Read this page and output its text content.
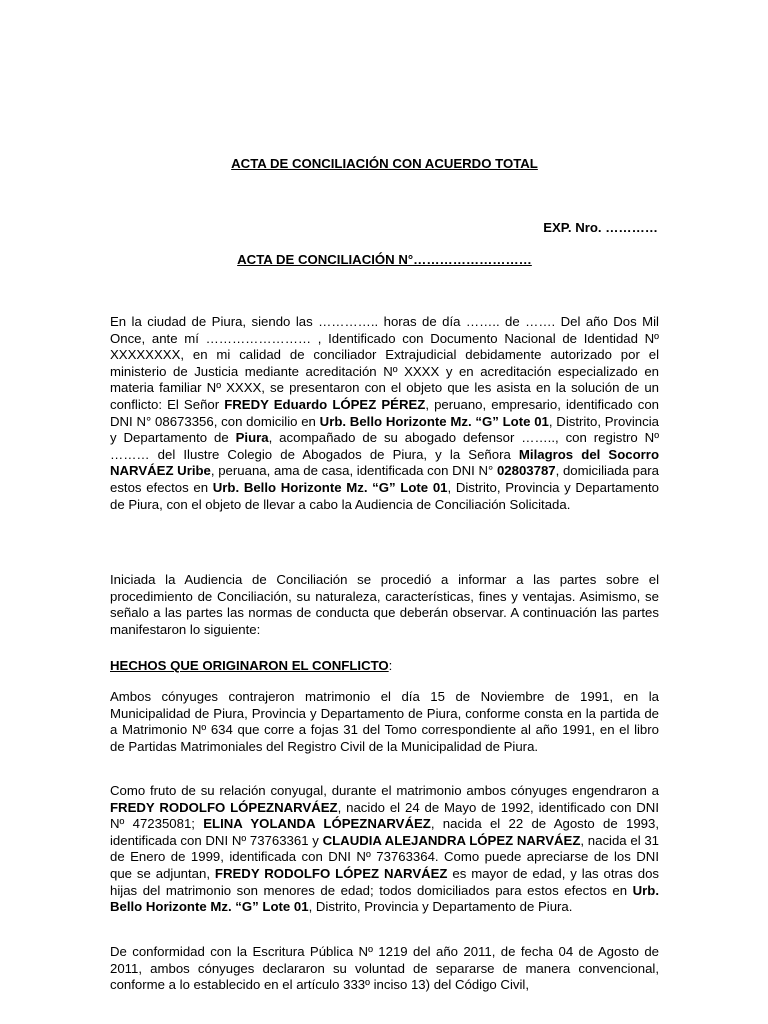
ACTA DE CONCILIACIÓN CON ACUERDO TOTAL
EXP. Nro. …………
ACTA DE CONCILIACIÓN N°………………………

En la ciudad de Piura, siendo las ………….. horas de día …….. de ……. Del año Dos Mil Once, ante mí …………………… , Identificado con Documento Nacional de Identidad Nº XXXXXXXX, en mi calidad de conciliador Extrajudicial debidamente autorizado por el ministerio de Justicia mediante acreditación Nº XXXX y en acreditación especializado en materia familiar Nº XXXX, se presentaron con el objeto que les asista en la solución de un conflicto: El Señor FREDY Eduardo LÓPEZ PÉREZ, peruano, empresario, identificado con DNI N° 08673356, con domicilio en Urb. Bello Horizonte Mz. “G” Lote 01, Distrito, Provincia y Departamento de Piura, acompañado de su abogado defensor …….., con registro Nº ……… del Ilustre Colegio de Abogados de Piura, y la Señora Milagros del Socorro NARVÁEZ Uribe, peruana, ama de casa, identificada con DNI N° 02803787, domiciliada para estos efectos en Urb. Bello Horizonte Mz. “G” Lote 01, Distrito, Provincia y Departamento de Piura, con el objeto de llevar a cabo la Audiencia de Conciliación Solicitada.

Iniciada la Audiencia de Conciliación se procedió a informar a las partes sobre el procedimiento de Conciliación, su naturaleza, características, fines y ventajas. Asimismo, se señalo a las partes las normas de conducta que deberán observar. A continuación las partes manifestaron lo siguiente:

HECHOS QUE ORIGINARON EL CONFLICTO:

Ambos cónyuges contrajeron matrimonio el día 15 de Noviembre de 1991, en la Municipalidad de Piura, Provincia y Departamento de Piura, conforme consta en la partida de a Matrimonio Nº 634 que corre a fojas 31 del Tomo correspondiente al año 1991, en el libro de Partidas Matrimoniales del Registro Civil de la Municipalidad de Piura.

Como fruto de su relación conyugal, durante el matrimonio ambos cónyuges engendraron a FREDY RODOLFO LÓPEZNARVÁEZ, nacido el 24 de Mayo de 1992, identificado con DNI Nº 47235081; ELINA YOLANDA LÓPEZNARVÁEZ, nacida el 22 de Agosto de 1993, identificada con DNI Nº 73763361 y CLAUDIA ALEJANDRA LÓPEZ NARVÁEZ, nacida el 31 de Enero de 1999, identificada con DNI Nº 73763364. Como puede apreciarse de los DNI que se adjuntan, FREDY RODOLFO LÓPEZ NARVÁEZ es mayor de edad, y las otras dos hijas del matrimonio son menores de edad; todos domiciliados para estos efectos en Urb. Bello Horizonte Mz. “G” Lote 01, Distrito, Provincia y Departamento de Piura.

De conformidad con la Escritura Pública Nº 1219 del año 2011, de fecha 04 de Agosto de 2011, ambos cónyuges declararon su voluntad de separarse de manera convencional, conforme a lo establecido en el artículo 333º inciso 13) del Código Civil,
